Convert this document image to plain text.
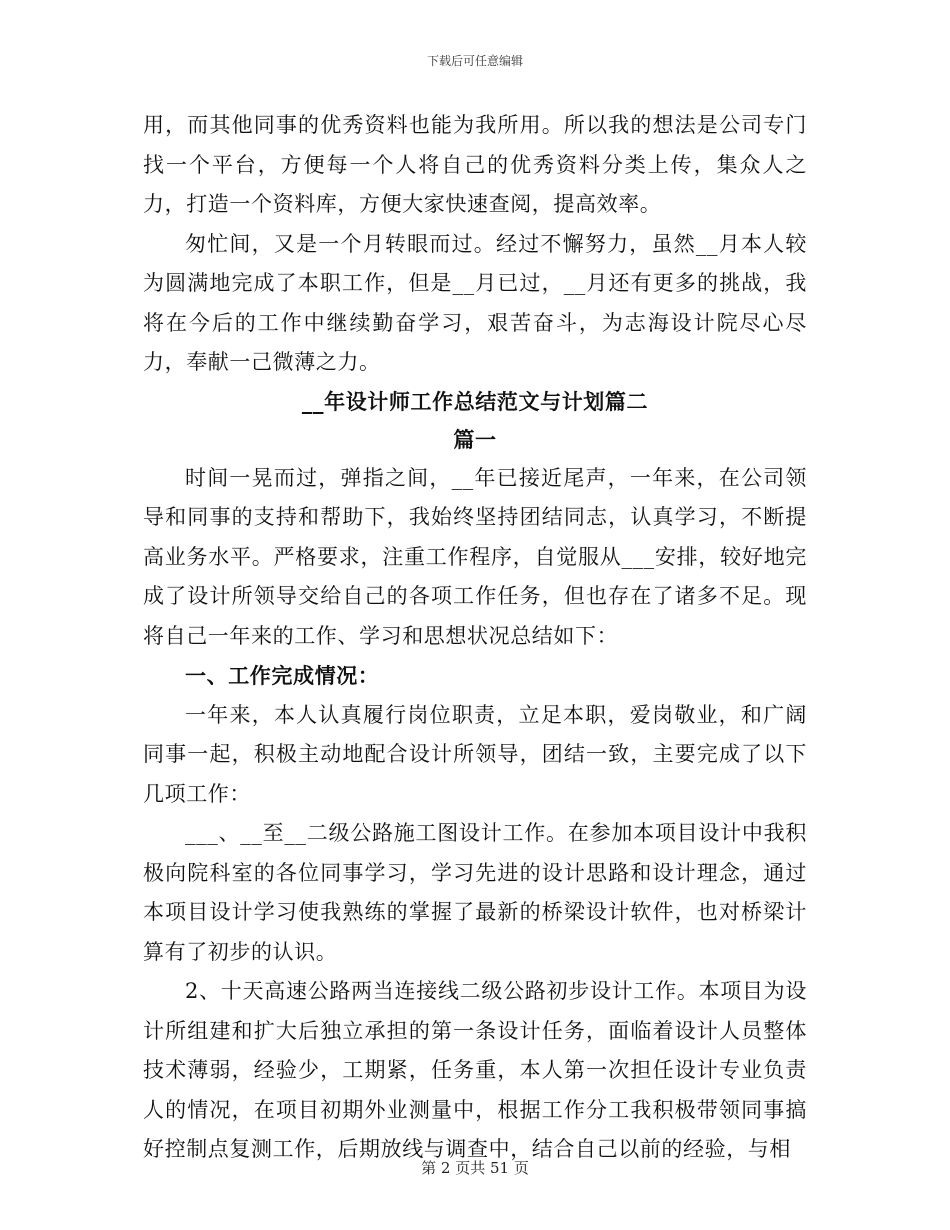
下载后可任意编辑

用，而其他同事的优秀资料也能为我所用。所以我的想法是公司专门找一个平台，方便每一个人将自己的优秀资料分类上传，集众人之力，打造一个资料库，方便大家快速查阅，提高效率。

匆忙间，又是一个月转眼而过。经过不懈努力，虽然__月本人较为圆满地完成了本职工作，但是__月已过，__月还有更多的挑战，我将在今后的工作中继续勤奋学习，艰苦奋斗，为志海设计院尽心尽力，奉献一己微薄之力。

__年设计师工作总结范文与计划篇二

篇一

时间一晃而过，弹指之间，__年已接近尾声，一年来，在公司领导和同事的支持和帮助下，我始终坚持团结同志，认真学习，不断提高业务水平。严格要求，注重工作程序，自觉服从___安排，较好地完成了设计所领导交给自己的各项工作任务，但也存在了诸多不足。现将自己一年来的工作、学习和思想状况总结如下：

一、工作完成情况：

一年来，本人认真履行岗位职责，立足本职，爱岗敬业，和广阔同事一起，积极主动地配合设计所领导，团结一致，主要完成了以下几项工作：

___、__至__二级公路施工图设计工作。在参加本项目设计中我积极向院科室的各位同事学习，学习先进的设计思路和设计理念，通过本项目设计学习使我熟练的掌握了最新的桥梁设计软件，也对桥梁计算有了初步的认识。

2、十天高速公路两当连接线二级公路初步设计工作。本项目为设计所组建和扩大后独立承担的第一条设计任务，面临着设计人员整体技术薄弱，经验少，工期紧，任务重，本人第一次担任设计专业负责人的情况，在项目初期外业测量中，根据工作分工我积极带领同事搞好控制点复测工作，后期放线与调查中，结合自己以前的经验，与相

第 2 页共 51 页
